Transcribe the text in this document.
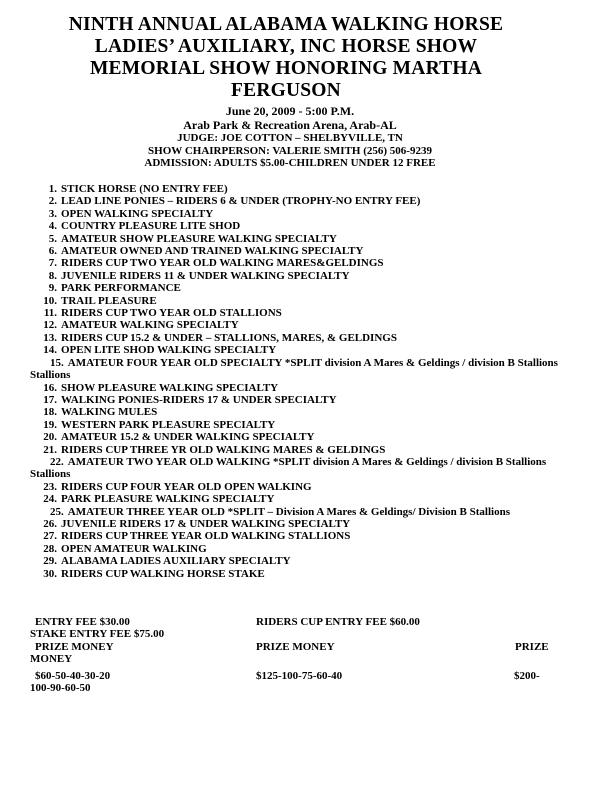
NINTH ANNUAL ALABAMA WALKING HORSE
LADIES’ AUXILIARY, INC HORSE SHOW
MEMORIAL SHOW HONORING MARTHA
FERGUSON
June 20, 2009 - 5:00 P.M.
Arab Park & Recreation Arena, Arab-AL
JUDGE: JOE COTTON – SHELBYVILLE, TN
SHOW CHAIRPERSON: VALERIE SMITH (256) 506-9239
ADMISSION: ADULTS $5.00-CHILDREN UNDER 12 FREE
1. STICK HORSE (NO ENTRY FEE)
2. LEAD LINE PONIES – RIDERS 6 & UNDER (TROPHY-NO ENTRY FEE)
3. OPEN WALKING SPECIALTY
4. COUNTRY PLEASURE LITE SHOD
5. AMATEUR SHOW PLEASURE WALKING SPECIALTY
6. AMATEUR OWNED AND TRAINED WALKING SPECIALTY
7. RIDERS CUP TWO YEAR OLD WALKING MARES&GELDINGS
8. JUVENILE RIDERS 11 & UNDER WALKING SPECIALTY
9. PARK PERFORMANCE
10. TRAIL PLEASURE
11. RIDERS CUP TWO YEAR OLD STALLIONS
12. AMATEUR WALKING SPECIALTY
13. RIDERS CUP 15.2 & UNDER – STALLIONS, MARES, & GELDINGS
14. OPEN LITE SHOD WALKING SPECIALTY
15. AMATEUR FOUR YEAR OLD SPECIALTY *SPLIT division A Mares & Geldings / division B Stallions Stallions
16. SHOW PLEASURE WALKING SPECIALTY
17. WALKING PONIES-RIDERS 17 & UNDER SPECIALTY
18. WALKING MULES
19. WESTERN PARK PLEASURE SPECIALTY
20. AMATEUR 15.2 & UNDER WALKING SPECIALTY
21. RIDERS CUP THREE YR OLD WALKING MARES & GELDINGS
22. AMATEUR TWO YEAR OLD WALKING *SPLIT division A Mares & Geldings / division B Stallions Stallions
23. RIDERS CUP FOUR YEAR OLD OPEN WALKING
24. PARK PLEASURE WALKING SPECIALTY
25. AMATEUR THREE YEAR OLD *SPLIT – Division A Mares & Geldings/ Division B Stallions
26. JUVENILE RIDERS 17 & UNDER WALKING SPECIALTY
27. RIDERS CUP THREE YEAR OLD WALKING STALLIONS
28. OPEN AMATEUR WALKING
29. ALABAMA LADIES AUXILIARY SPECIALTY
30. RIDERS CUP WALKING HORSE STAKE
ENTRY FEE $30.00	RIDERS CUP ENTRY FEE $60.00
STAKE ENTRY FEE $75.00
PRIZE MONEY	PRIZE MONEY	PRIZE
MONEY
$60-50-40-30-20	$125-100-75-60-40	$200-
100-90-60-50
